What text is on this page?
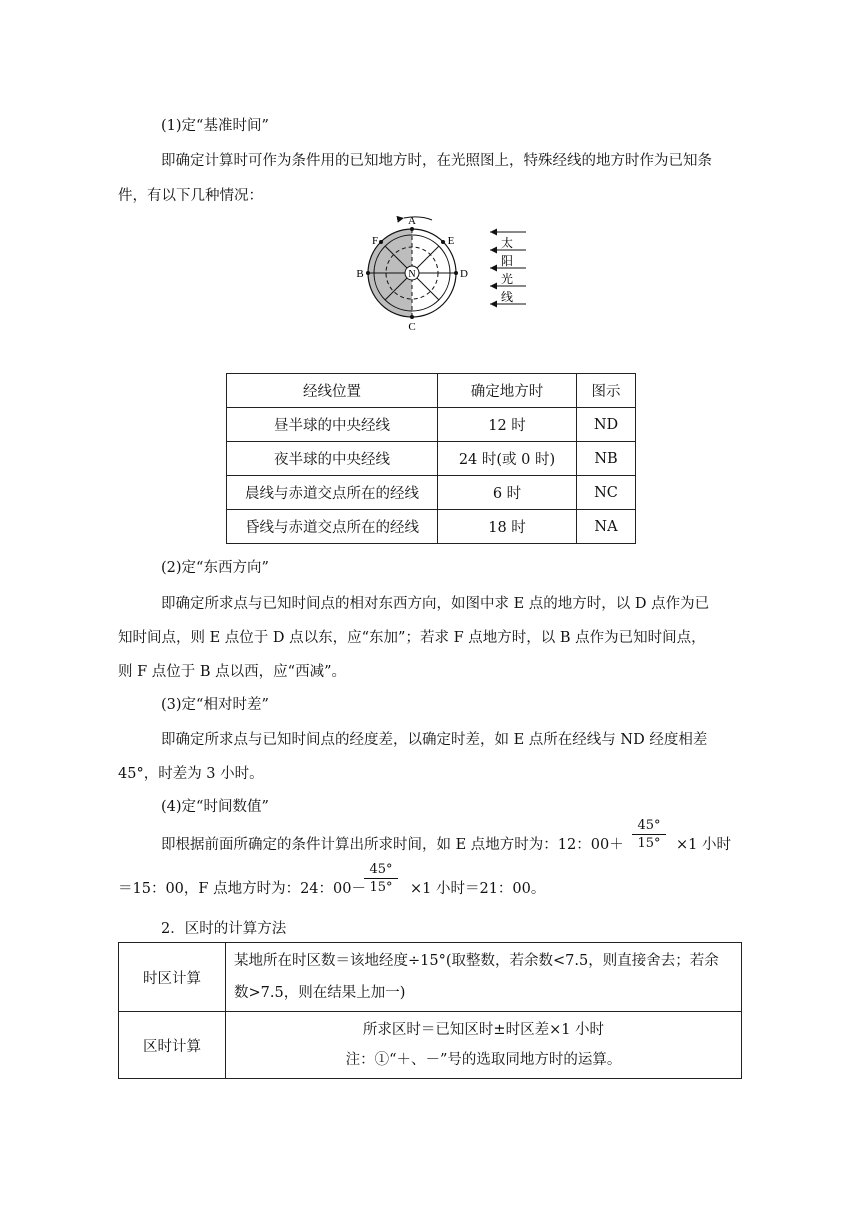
(1)定“基准时间”
即确定计算时可作为条件用的已知地方时，在光照图上，特殊经线的地方时作为已知条
件，有以下几种情况：
N
A
C
B	D
F	E	太
阳
光
线
经线位置	确定地方时	图示
昼半球的中央经线	12 时	ND
夜半球的中央经线	24 时(或 0 时)	NB
晨线与赤道交点所在的经线	6 时	NC
昏线与赤道交点所在的经线	18 时	NA
(2)定“东西方向”
即确定所求点与已知时间点的相对东西方向，如图中求 E 点的地方时，以 D 点作为已
知时间点，则 E 点位于 D 点以东，应“东加”；若求 F 点地方时，以 B 点作为已知时间点，
则 F 点位于 B 点以西，应“西减”。
(3)定“相对时差”
即确定所求点与已知时间点的经度差，以确定时差，如 E 点所在经线与 ND 经度相差
45°，时差为 3 小时。
(4)定“时间数值”
即根据前面所确定的条件计算出所求时间，如 E 点地方时为：12：00＋
45°
15°	×1 小时
＝15：00，F 点地方时为：24：00－
45°
15°	×1 小时＝21：00。
2．区时的计算方法
时区计算	某地所在时区数＝该地经度÷15°(取整数，若余数<7.5，则直接舍去；若余
数>7.5，则在结果上加一)

区时计算	所求区时＝已知区时±时区差×1 小时
注：①“＋、－”号的选取同地方时的运算。
